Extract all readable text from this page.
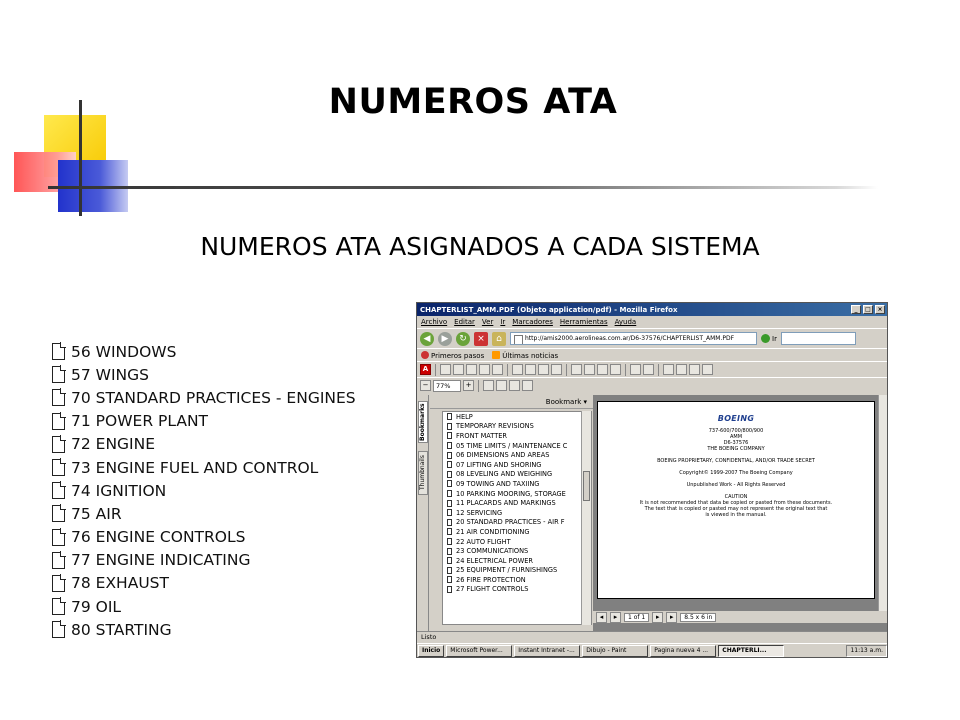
NUMEROS ATA
NUMEROS ATA ASIGNADOS A CADA SISTEMA
56 WINDOWS
57 WINGS
70 STANDARD PRACTICES - ENGINES
71 POWER PLANT
72 ENGINE
73 ENGINE FUEL AND CONTROL
74 IGNITION
75 AIR
76 ENGINE CONTROLS
77 ENGINE INDICATING
78 EXHAUST
79 OIL
80 STARTING
CHAPTERLIST_AMM.PDF (Objeto application/pdf) - Mozilla Firefox	_	□	×
Archivo Editar Ver Ir Marcadores Herramientas Ayuda
◀	▶	↻	×	⌂	http://amis2000.aerolineas.com.ar/D6-37576/CHAPTERLIST_AMM.PDF	Ir
Primeros pasos	Últimas noticias
A
−	77%	+
Bookmarks
Thumbnails
Bookmark ▾
HELP
TEMPORARY REVISIONS
FRONT MATTER
05 TIME LIMITS / MAINTENANCE C
06 DIMENSIONS AND AREAS
07 LIFTING AND SHORING
08 LEVELING AND WEIGHING
09 TOWING AND TAXIING
10 PARKING MOORING, STORAGE
11 PLACARDS AND MARKINGS
12 SERVICING
20 STANDARD PRACTICES - AIR F
21 AIR CONDITIONING
22 AUTO FLIGHT
23 COMMUNICATIONS
24 ELECTRICAL POWER
25 EQUIPMENT / FURNISHINGS
26 FIRE PROTECTION
27 FLIGHT CONTROLS
BOEING
737-600/700/800/900
AMM
D6-37576
THE BOEING COMPANY
BOEING PROPRIETARY, CONFIDENTIAL, AND/OR TRADE SECRET
Copyright© 1999-2007 The Boeing Company
Unpublished Work - All Rights Reserved
CAUTION
It is not recommended that data be copied or pasted from these documents.
The text that is copied or pasted may not represent the original text that
is viewed in the manual.
◂	▸	1 of 1	▸	▸	8.5 x 6 in
Listo
Inicio	Microsoft Power...	Instant Intranet -...	Dibujo - Paint	Pagina nueva 4 ...	CHAPTERLI...	11:13 a.m.
